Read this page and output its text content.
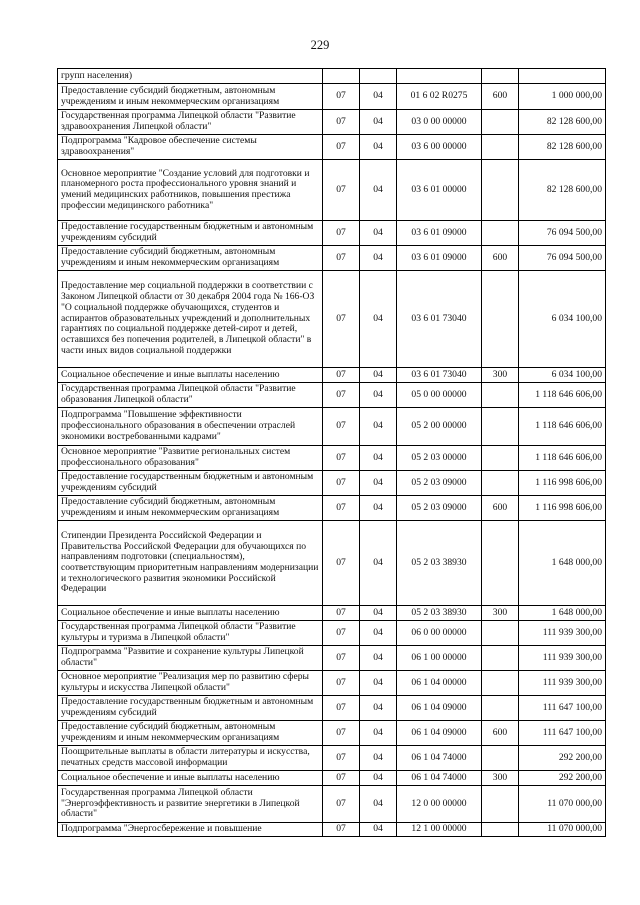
229
групп населения)					
Предоставление субсидий бюджетным, автономным учреждениям и иным некоммерческим организациям	07	04	01 6 02 R0275	600	1 000 000,00
Государственная программа Липецкой области "Развитие здравоохранения Липецкой области"	07	04	03 0 00 00000		82 128 600,00
Подпрограмма "Кадровое обеспечение системы здравоохранения"	07	04	03 6 00 00000		82 128 600,00
Основное мероприятие "Создание условий для подготовки и планомерного роста профессионального уровня знаний и умений медицинских работников, повышения престижа профессии медицинского работника"	07	04	03 6 01 00000		82 128 600,00
Предоставление государственным бюджетным и автономным учреждениям субсидий	07	04	03 6 01 09000		76 094 500,00
Предоставление субсидий бюджетным, автономным учреждениям и иным некоммерческим организациям	07	04	03 6 01 09000	600	76 094 500,00
Предоставление мер социальной поддержки в соответствии с Законом Липецкой области от 30 декабря 2004 года № 166-ОЗ "О социальной поддержке обучающихся, студентов и аспирантов образовательных учреждений и дополнительных гарантиях по социальной поддержке детей-сирот и детей, оставшихся без попечения родителей, в Липецкой области" в части иных видов социальной поддержки	07	04	03 6 01 73040		6 034 100,00
Социальное обеспечение и иные выплаты населению	07	04	03 6 01 73040	300	6 034 100,00
Государственная программа Липецкой области "Развитие образования Липецкой области"	07	04	05 0 00 00000		1 118 646 606,00
Подпрограмма "Повышение эффективности профессионального образования в обеспечении отраслей экономики востребованными кадрами"	07	04	05 2 00 00000		1 118 646 606,00
Основное мероприятие "Развитие региональных систем профессионального образования"	07	04	05 2 03 00000		1 118 646 606,00
Предоставление государственным бюджетным и автономным учреждениям субсидий	07	04	05 2 03 09000		1 116 998 606,00
Предоставление субсидий бюджетным, автономным учреждениям и иным некоммерческим организациям	07	04	05 2 03 09000	600	1 116 998 606,00
Стипендии Президента Российской Федерации и Правительства Российской Федерации для обучающихся по направлениям подготовки (специальностям), соответствующим приоритетным направлениям модернизации и технологического развития экономики Российской Федерации	07	04	05 2 03 38930		1 648 000,00
Социальное обеспечение и иные выплаты населению	07	04	05 2 03 38930	300	1 648 000,00
Государственная программа Липецкой области "Развитие культуры и туризма в Липецкой области"	07	04	06 0 00 00000		111 939 300,00
Подпрограмма "Развитие и сохранение культуры Липецкой области"	07	04	06 1 00 00000		111 939 300,00
Основное мероприятие "Реализация мер по развитию сферы культуры и искусства Липецкой области"	07	04	06 1 04 00000		111 939 300,00
Предоставление государственным бюджетным и автономным учреждениям субсидий	07	04	06 1 04 09000		111 647 100,00
Предоставление субсидий бюджетным, автономным учреждениям и иным некоммерческим организациям	07	04	06 1 04 09000	600	111 647 100,00
Поощрительные выплаты в области литературы и искусства, печатных средств массовой информации	07	04	06 1 04 74000		292 200,00
Социальное обеспечение и иные выплаты населению	07	04	06 1 04 74000	300	292 200,00
Государственная программа Липецкой области "Энергоэффективность и развитие энергетики в Липецкой области"	07	04	12 0 00 00000		11 070 000,00
Подпрограмма "Энергосбережение и повышение	07	04	12 1 00 00000		11 070 000,00
